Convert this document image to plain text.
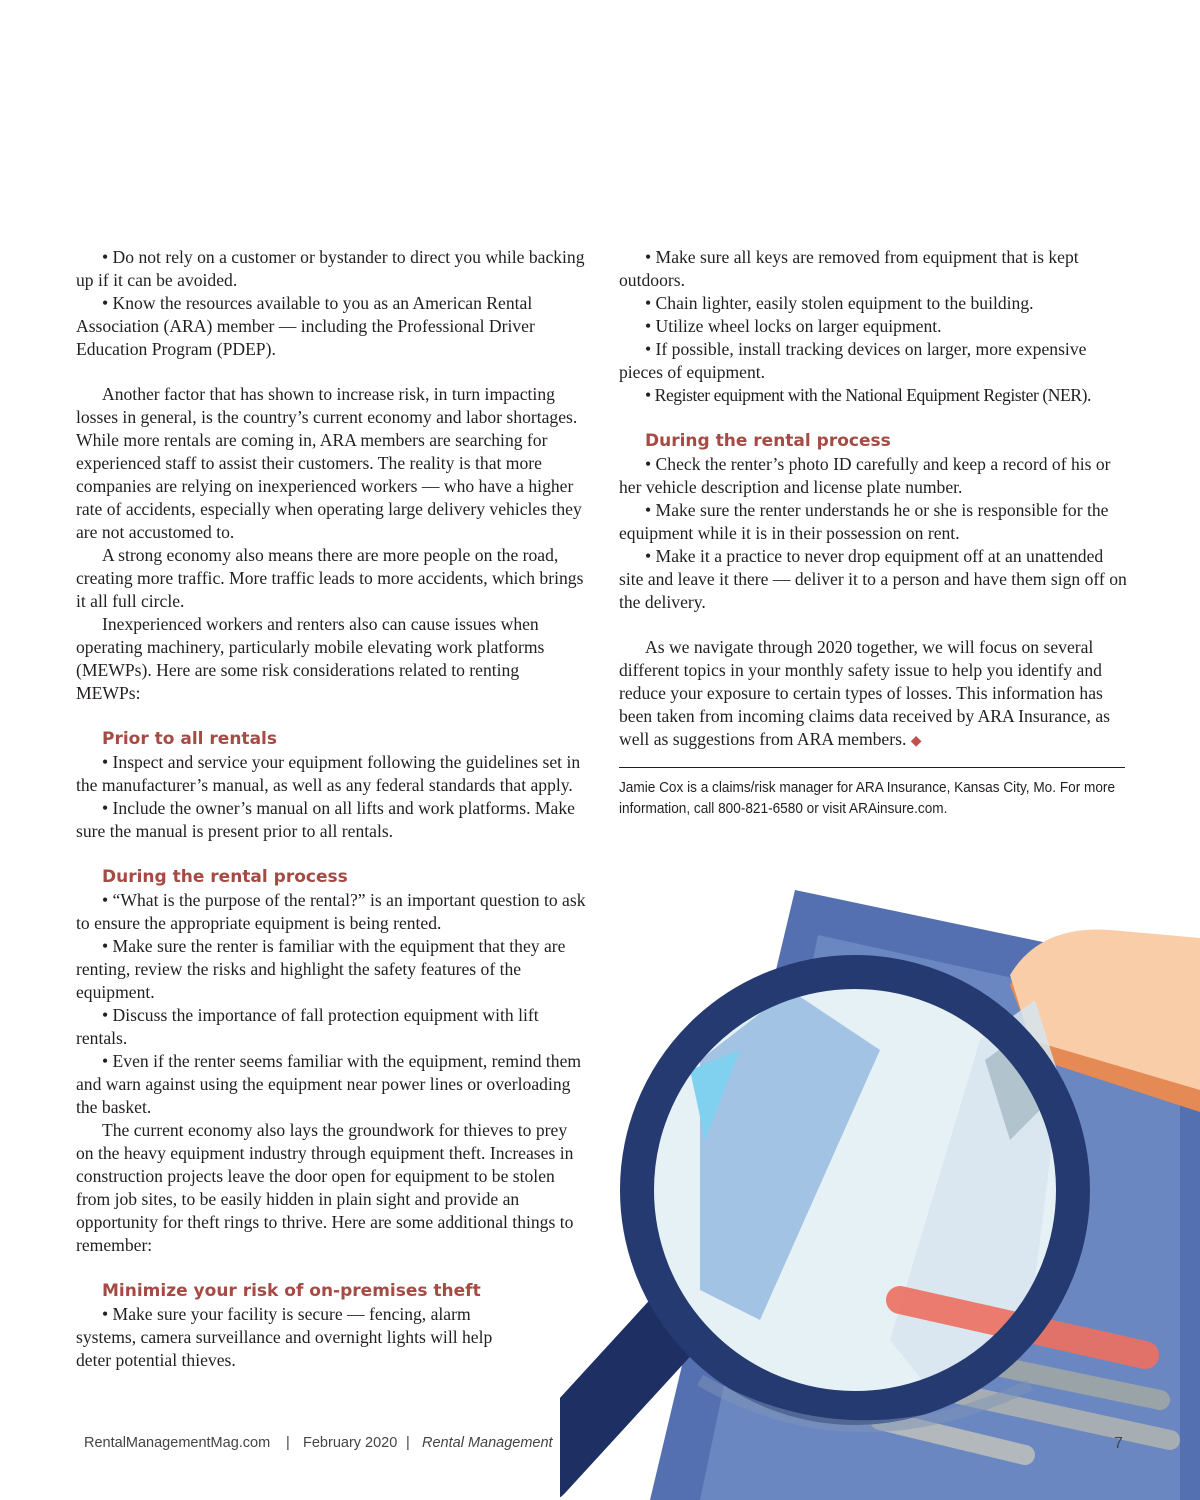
• Do not rely on a customer or bystander to direct you while backing up if it can be avoided.

• Know the resources available to you as an American Rental Association (ARA) member — including the Professional Driver Education Program (PDEP).

Another factor that has shown to increase risk, in turn impacting losses in general, is the country’s current economy and labor shortages. While more rentals are coming in, ARA members are searching for experienced staff to assist their customers. The reality is that more companies are relying on inexperienced workers — who have a higher rate of accidents, especially when operating large delivery vehicles they are not accustomed to.

A strong economy also means there are more people on the road, creating more traffic. More traffic leads to more accidents, which brings it all full circle.

Inexperienced workers and renters also can cause issues when operating machinery, particularly mobile elevating work platforms (MEWPs). Here are some risk considerations related to renting MEWPs:

Prior to all rentals

• Inspect and service your equipment following the guidelines set in the manufacturer’s manual, as well as any federal standards that apply.

• Include the owner’s manual on all lifts and work platforms. Make sure the manual is present prior to all rentals.

During the rental process

• “What is the purpose of the rental?” is an important question to ask to ensure the appropriate equipment is being rented.

• Make sure the renter is familiar with the equipment that they are renting, review the risks and highlight the safety features of the equipment.

• Discuss the importance of fall protection equipment with lift rentals.

• Even if the renter seems familiar with the equipment, remind them and warn against using the equipment near power lines or overloading the basket.

The current economy also lays the groundwork for thieves to prey on the heavy equipment industry through equipment theft. Increases in construction projects leave the door open for equipment to be stolen from job sites, to be easily hidden in plain sight and provide an opportunity for theft rings to thrive. Here are some additional things to remember:

Minimize your risk of on-premises theft

• Make sure your facility is secure — fencing, alarm systems, camera surveillance and overnight lights will help deter potential thieves.

• Make sure all keys are removed from equipment that is kept outdoors.

• Chain lighter, easily stolen equipment to the building.

• Utilize wheel locks on larger equipment.

• If possible, install tracking devices on larger, more expensive pieces of equipment.

• Register equipment with the National Equipment Register (NER).

During the rental process

• Check the renter’s photo ID carefully and keep a record of his or her vehicle description and license plate number.

• Make sure the renter understands he or she is responsible for the equipment while it is in their possession on rent.

• Make it a practice to never drop equipment off at an unattended site and leave it there — deliver it to a person and have them sign off on the delivery.

As we navigate through 2020 together, we will focus on several different topics in your monthly safety issue to help you identify and reduce your exposure to certain types of losses. This information has been taken from incoming claims data received by ARA Insurance, as well as suggestions from ARA members. ◆

Jamie Cox is a claims/risk manager for ARA Insurance, Kansas City, Mo. For more information, call 800-821-6580 or visit ARAinsure.com.

RentalManagementMag.com | February 2020 | Rental Management	7
